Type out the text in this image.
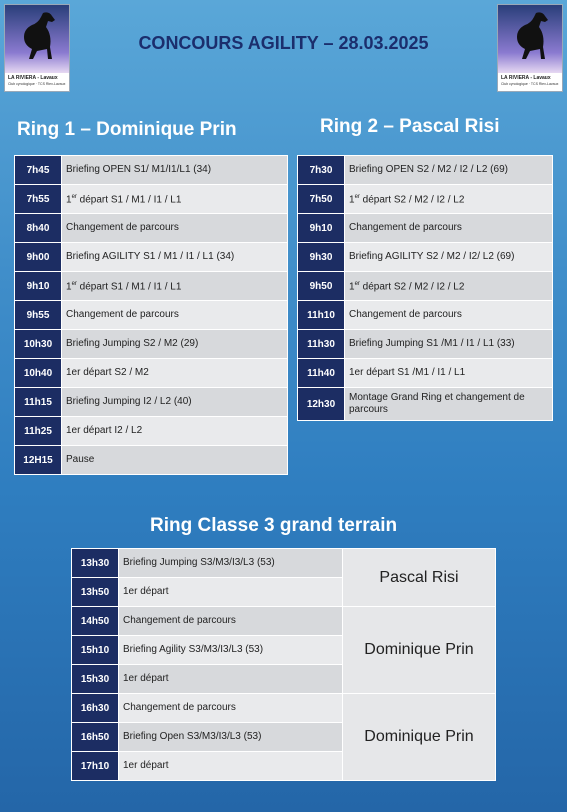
LA RIVIERA - Lavaux
Club cynologique · TCS Riex-Lavaux
LA RIVIERA - Lavaux
Club cynologique · TCS Riex-Lavaux
CONCOURS AGILITY – 28.03.2025
Ring 1 – Dominique Prin
7h45	Briefing OPEN S1/ M1/I1/L1 (34)
7h55	1er départ S1 / M1 / I1 / L1
8h40	Changement de parcours
9h00	Briefing AGILITY S1 / M1 / I1 / L1 (34)
9h10	1er départ S1 / M1 / I1 / L1
9h55	Changement de parcours
10h30	Briefing Jumping S2 / M2 (29)
10h40	1er départ S2 / M2
11h15	Briefing Jumping I2 / L2 (40)
11h25	1er départ I2 / L2
12H15	Pause
Ring 2 – Pascal Risi
7h30	Briefing OPEN S2 / M2 / I2 / L2 (69)
7h50	1er départ S2 / M2 / I2 / L2
9h10	Changement de parcours
9h30	Briefing AGILITY S2 / M2 / I2/ L2 (69)
9h50	1er départ S2 / M2 / I2 / L2
11h10	Changement de parcours
11h30	Briefing Jumping S1 /M1 / I1 / L1 (33)
11h40	1er départ S1 /M1 / I1 / L1
12h30	Montage Grand Ring et changement de parcours
Ring Classe 3 grand terrain
13h30	Briefing Jumping S3/M3/I3/L3 (53)	Pascal Risi
13h50	1er départ	
14h50	Changement de parcours	Dominique Prin
15h10	Briefing Agility S3/M3/I3/L3 (53)	
15h30	1er départ	
16h30	Changement de parcours	Dominique Prin
16h50	Briefing Open S3/M3/I3/L3 (53)	
17h10	1er départ	
